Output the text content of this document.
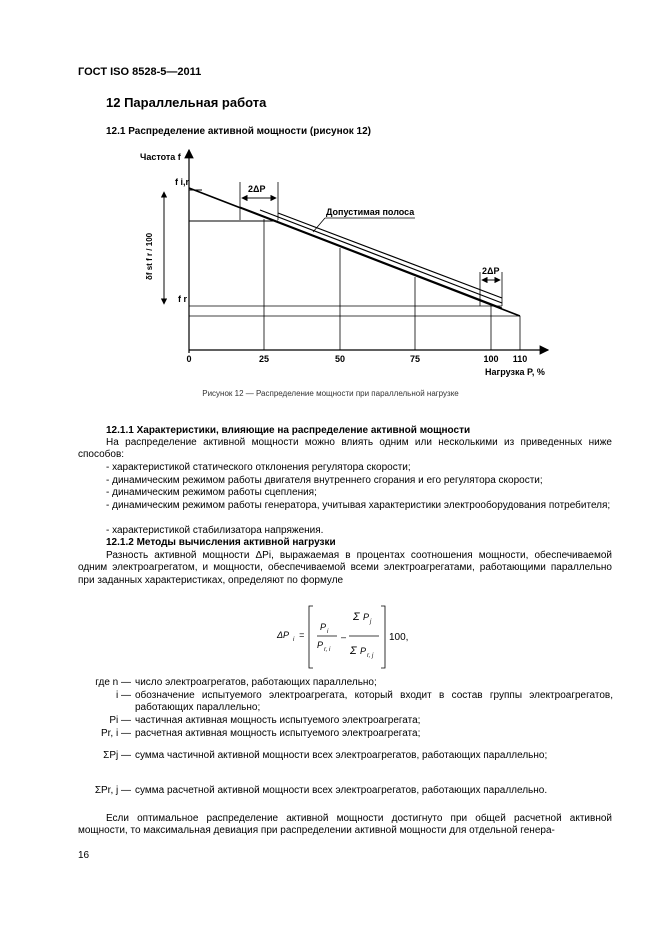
ГОСТ ISO 8528-5—2011
12 Параллельная работа
12.1 Распределение активной мощности (рисунок 12)
Частота f
f i,r
f r
δf st f r / 100
2ΔP
2ΔP
Допустимая полоса
0	25	50	75	100 110
Нагрузка P, %
Рисунок 12 — Распределение мощности при параллельной нагрузке
12.1.1 Характеристики, влияющие на распределение активной мощности
На распределение активной мощности можно влиять одним или несколькими из приведенных ниже способов:
- характеристикой статического отклонения регулятора скорости;
- динамическим режимом работы двигателя внутреннего сгорания и его регулятора скорости;
- динамическим режимом работы сцепления;
- динамическим режимом работы генератора, учитывая характеристики электрооборудования потребителя;
- характеристикой стабилизатора напряжения.
12.1.2 Методы вычисления активной нагрузки
Разность активной мощности ΔPi, выражаемая в процентах соотношения мощности, обеспечиваемой одним электроагрегатом, и мощности, обеспечиваемой всеми электроагрегатами, работающими параллельно при заданных характеристиках, определяют по формуле
ΔP i =
P i
P r, i
–
Σ P j
Σ P r, j
100,
где n — число электроагрегатов, работающих параллельно;
i — обозначение испытуемого электроагрегата, который входит в состав группы электроагрегатов, работающих параллельно;
Pi — частичная активная мощность испытуемого электроагрегата;
Pr, i — расчетная активная мощность испытуемого электроагрегата;
ΣPj — сумма частичной активной мощности всех электроагрегатов, работающих параллельно;
ΣPr, j — сумма расчетной активной мощности всех электроагрегатов, работающих параллельно.
Если оптимальное распределение активной мощности достигнуто при общей расчетной активной мощности, то максимальная девиация при распределении активной мощности для отдельной генера-
16
